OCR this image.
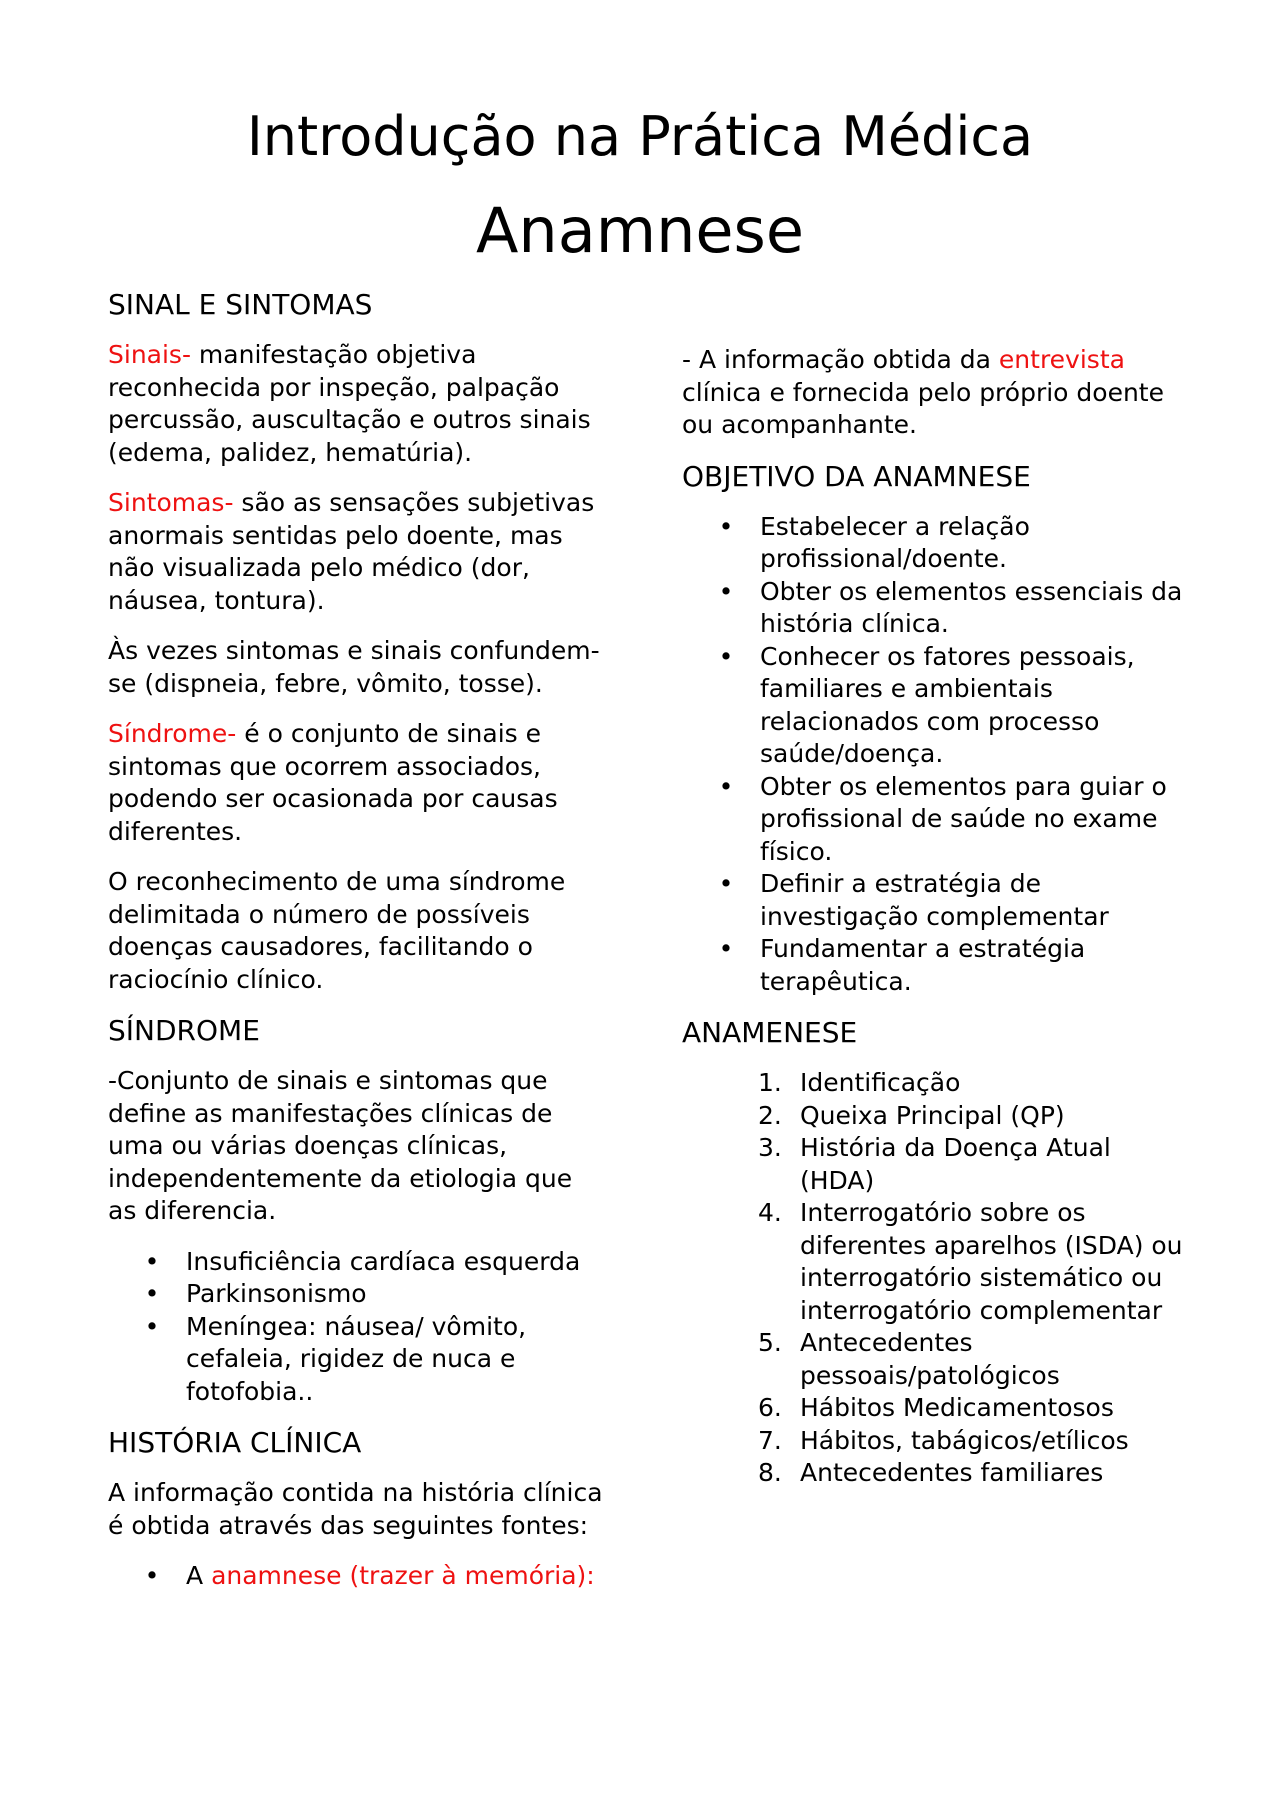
Introdução na Prática Médica
Anamnese
SINAL E SINTOMAS

Sinais- manifestação objetiva reconhecida por inspeção, palpação percussão, auscultação e outros sinais (edema, palidez, hematúria).

Sintomas- são as sensações subjetivas anormais sentidas pelo doente, mas não visualizada pelo médico (dor, náusea, tontura).

Às vezes sintomas e sinais confundem-se (dispneia, febre, vômito, tosse).

Síndrome- é o conjunto de sinais e sintomas que ocorrem associados, podendo ser ocasionada por causas diferentes.

O reconhecimento de uma síndrome delimitada o número de possíveis doenças causadores, facilitando o raciocínio clínico.

SÍNDROME

-Conjunto de sinais e sintomas que define as manifestações clínicas de uma ou várias doenças clínicas, independentemente da etiologia que as diferencia.

• Insuficiência cardíaca esquerda
• Parkinsonismo
• Meníngea: náusea/ vômito, cefaleia, rigidez de nuca e fotofobia..
HISTÓRIA CLÍNICA

A informação contida na história clínica é obtida através das seguintes fontes:

• A anamnese (trazer à memória):

- A informação obtida da entrevista clínica e fornecida pelo próprio doente ou acompanhante.

OBJETIVO DA ANAMNESE
• Estabelecer a relação profissional/doente.
• Obter os elementos essenciais da história clínica.
• Conhecer os fatores pessoais, familiares e ambientais relacionados com processo saúde/doença.
• Obter os elementos para guiar o profissional de saúde no exame físico.
• Definir a estratégia de investigação complementar
• Fundamentar a estratégia terapêutica.
ANAMENESE
1. Identificação
2. Queixa Principal (QP)
3. História da Doença Atual (HDA)
4. Interrogatório sobre os diferentes aparelhos (ISDA) ou interrogatório sistemático ou interrogatório complementar
5. Antecedentes pessoais/patológicos
6. Hábitos Medicamentosos
7. Hábitos, tabágicos/etílicos
8. Antecedentes familiares
